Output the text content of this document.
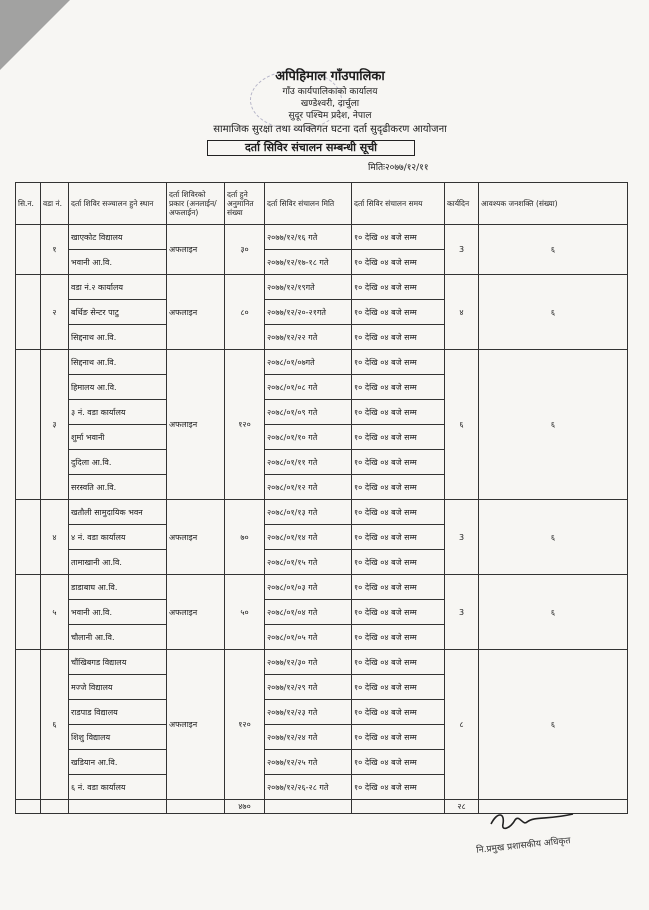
अपिहिमाल गाँउपालिका
गाँउ कार्यपालिकाको कार्यालय
खण्डेश्वरी, दार्चुला
सुदूर पश्चिम प्रदेश, नेपाल
सामाजिक सुरक्षा तथा व्यक्तिगत घटना दर्ता सुदृढीकरण आयोजना
दर्ता सिविर संचालन सम्बन्धी सूची
मितिः२०७७/१२/११
सि.न.	वडा नं.	दर्ता शिविर सञ्चालन हुने स्थान	दर्ता शिविरको प्रकार (अनलाईन/अफलाईन)	दर्ता हुने अनुमानित संख्या	दर्ता सिविर संचालन मिति	दर्ता सिविर संचालन समय	कार्यदिन	आवश्यक जनशक्ति (संख्या)
	१	खाएकोट विद्यालय	अफलाइन	३०	२०७७/१२/१६ गते	१० देखि ०४ बजे सम्म	3	६
		भवानी आ.वि.			२०७७/१२/१७-१८ गते	१० देखि ०४ बजे सम्म		
	२	वडा नं.२ कार्यालय	अफलाइन	८०	२०७७/१२/१९गते	१० देखि ०४ बजे सम्म	४	६
		बर्थिङ सेन्टर पाटु			२०७७/१२/२०-२१गते	१० देखि ०४ बजे सम्म		
		सिद्दनाथ आ.वि.			२०७७/१२/२२ गते	१० देखि ०४ बजे सम्म		
	३	सिद्दनाथ आ.वि.	अफलाइन	१२०	२०७८/०१/०७गते	१० देखि ०४ बजे सम्म	६	६
		हिमालय आ.वि.			२०७८/०१/०८ गते	१० देखि ०४ बजे सम्म		
		३ नं. वडा कार्यालय			२०७८/०१/०९ गते	१० देखि ०४ बजे सम्म		
		शुर्मा भवानी			२०७८/०१/१० गते	१० देखि ०४ बजे सम्म		
		दुदिला आ.वि.			२०७८/०१/११ गते	१० देखि ०४ बजे सम्म		
		सरस्वति आ.वि.			२०७८/०१/१२ गते	१० देखि ०४ बजे सम्म		
	४	खतौली सामुदायिक भवन	अफलाइन	७०	२०७८/०१/१३ गते	१० देखि ०४ बजे सम्म	3	६
		४ नं. वडा कार्यालय			२०७८/०१/१४ गते	१० देखि ०४ बजे सम्म		
		तामाखानी आ.वि.			२०७८/०१/१५ गते	१० देखि ०४ बजे सम्म		
	५	डाडाबाघ आ.वि.	अफलाइन	५०	२०७८/०१/०३ गते	१० देखि ०४ बजे सम्म	3	६
		भवानी आ.वि.			२०७८/०१/०४ गते	१० देखि ०४ बजे सम्म		
		चौलानी आ.वि.			२०७८/०१/०५ गते	१० देखि ०४ बजे सम्म		
	६	चौंखिबगड विद्यालय	अफलाइन	१२०	२०७७/१२/३० गते	१० देखि ०४ बजे सम्म	८	६
		मज्जे विद्यालय			२०७७/१२/२९ गते	१० देखि ०४ बजे सम्म		
		राडपाड विद्यालय			२०७७/१२/२३ गते	१० देखि ०४ बजे सम्म		
		शिशु विद्यालय			२०७७/१२/२४ गते	१० देखि ०४ बजे सम्म		
		खडियान आ.वि.			२०७७/१२/२५ गते	१० देखि ०४ बजे सम्म		
		६ नं. वडा कार्यालय			२०७७/१२/२६-२८ गते	१० देखि ०४ बजे सम्म		
				४७०			२८	
नि.प्रमुख प्रशासकीय अधिकृत
